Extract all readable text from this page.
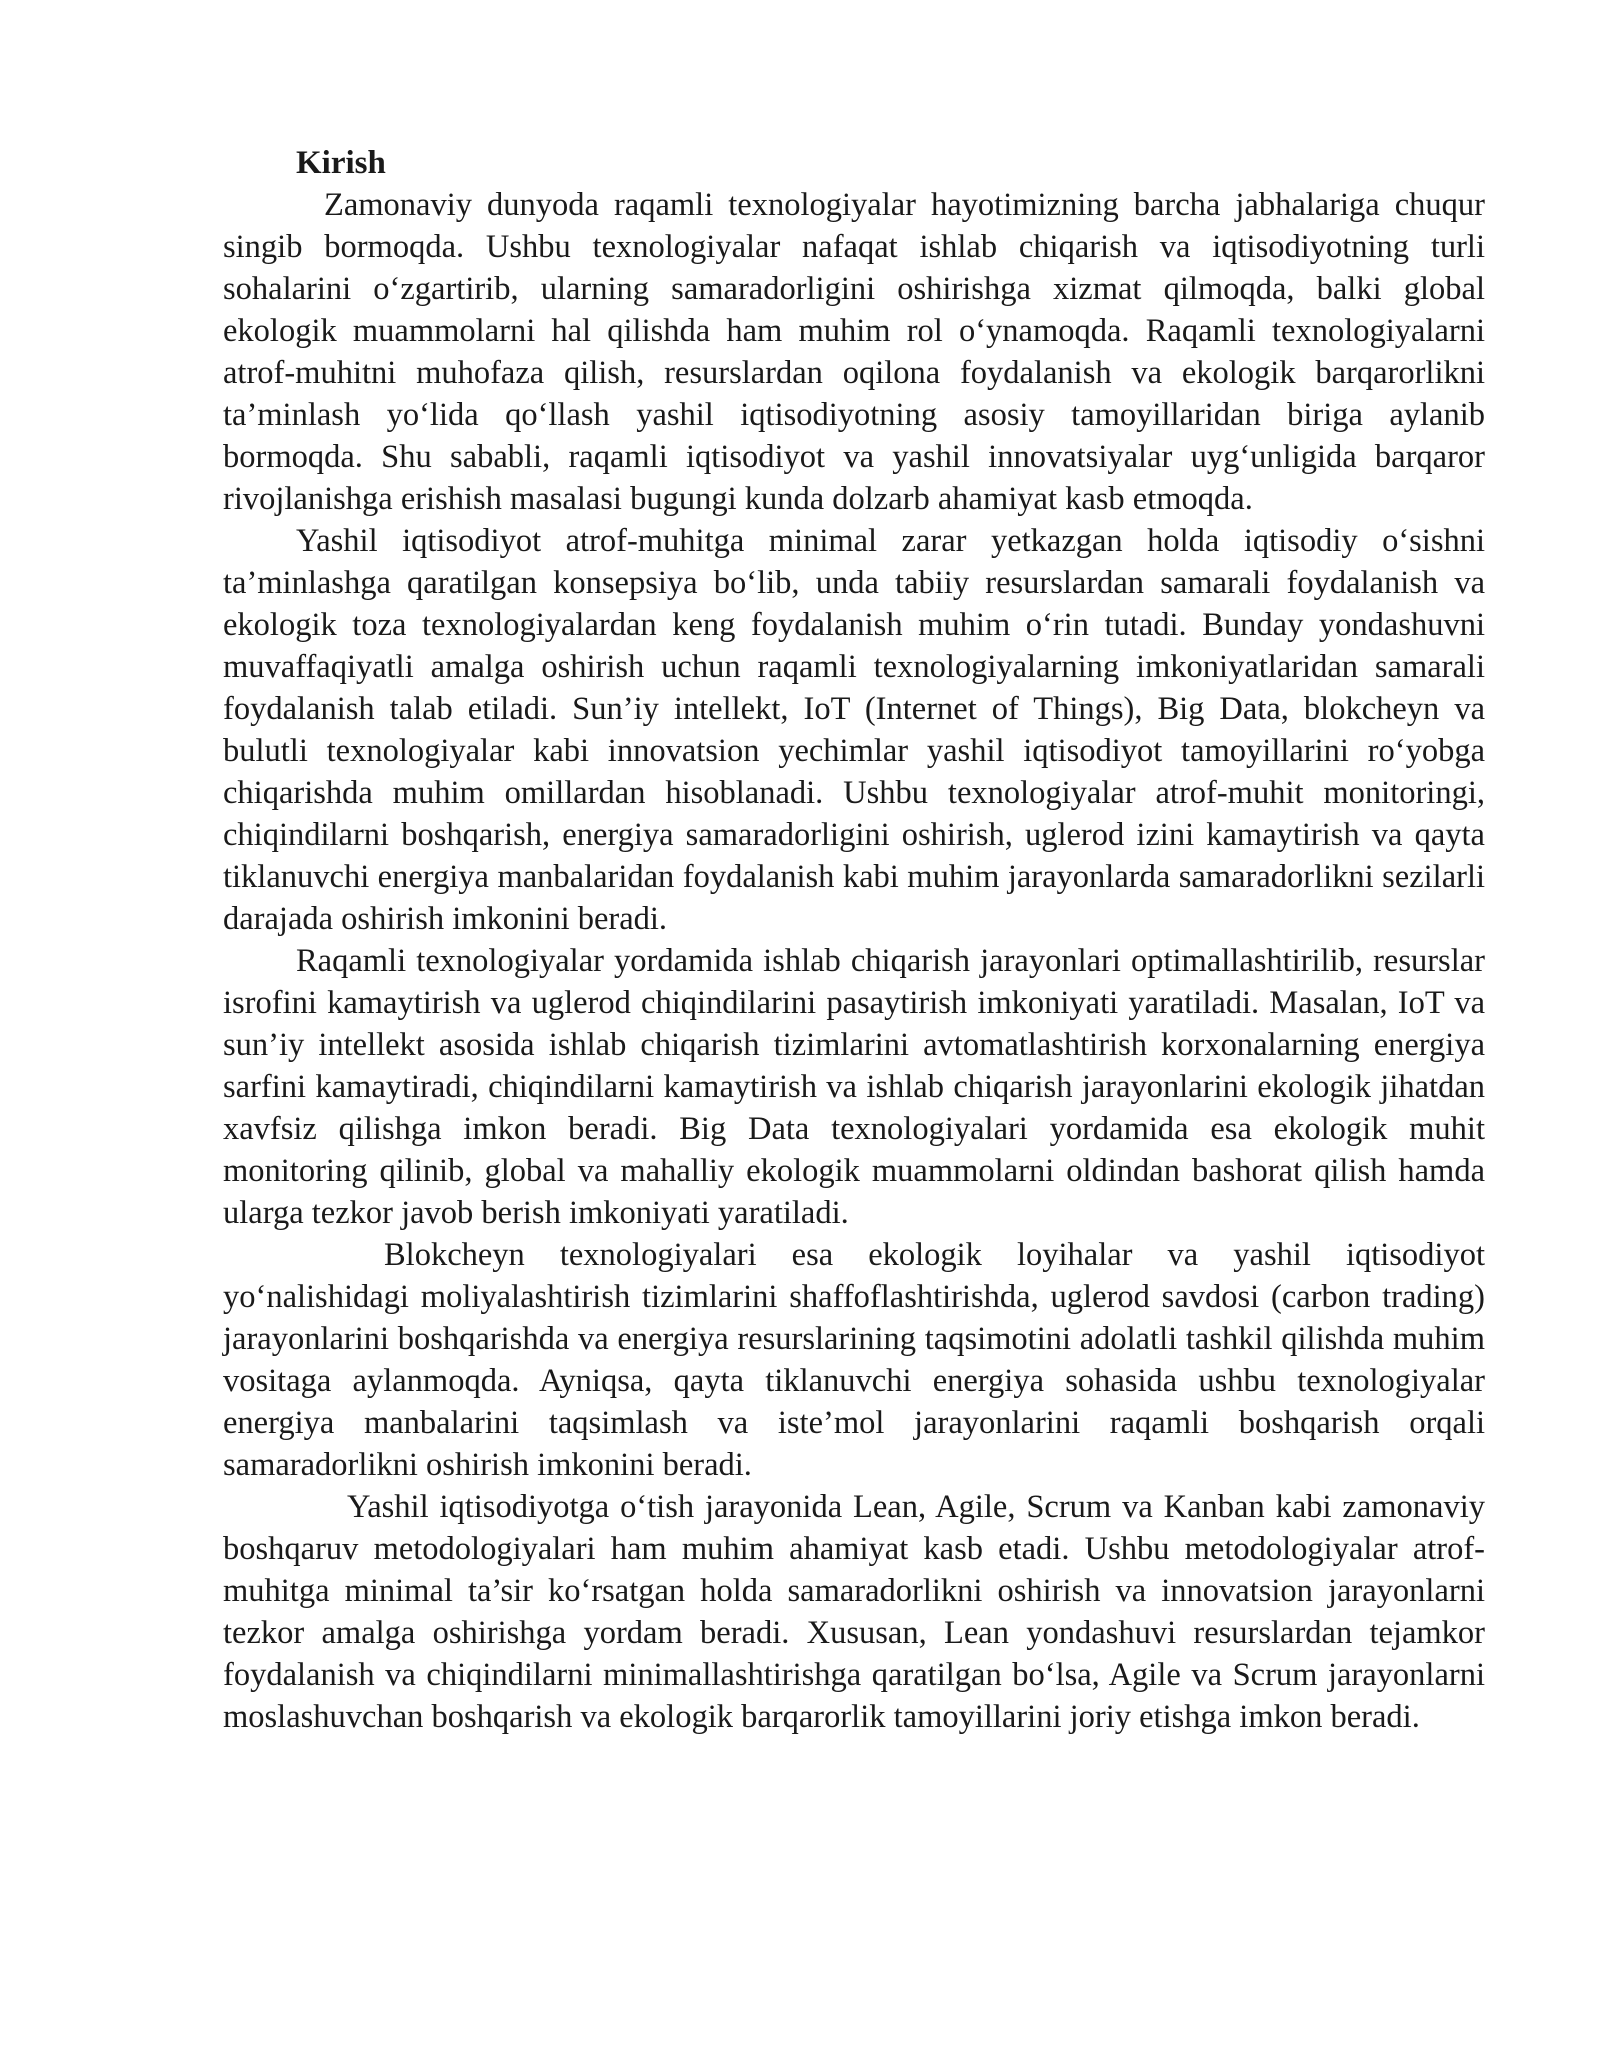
Kirish

Zamonaviy dunyoda raqamli texnologiyalar hayotimizning barcha jabhalariga chuqur singib bormoqda. Ushbu texnologiyalar nafaqat ishlab chiqarish va iqtisodiyotning turli sohalarini o‘zgartirib, ularning samaradorligini oshirishga xizmat qilmoqda, balki global ekologik muammolarni hal qilishda ham muhim rol o‘ynamoqda. Raqamli texnologiyalarni atrof-muhitni muhofaza qilish, resurslardan oqilona foydalanish va ekologik barqarorlikni ta’minlash yo‘lida qo‘llash yashil iqtisodiyotning asosiy tamoyillaridan biriga aylanib bormoqda. Shu sababli, raqamli iqtisodiyot va yashil innovatsiyalar uyg‘unligida barqaror rivojlanishga erishish masalasi bugungi kunda dolzarb ahamiyat kasb etmoqda.

Yashil iqtisodiyot atrof-muhitga minimal zarar yetkazgan holda iqtisodiy o‘sishni ta’minlashga qaratilgan konsepsiya bo‘lib, unda tabiiy resurslardan samarali foydalanish va ekologik toza texnologiyalardan keng foydalanish muhim o‘rin tutadi. Bunday yondashuvni muvaffaqiyatli amalga oshirish uchun raqamli texnologiyalarning imkoniyatlaridan samarali foydalanish talab etiladi. Sun’iy intellekt, IoT (Internet of Things), Big Data, blokcheyn va bulutli texnologiyalar kabi innovatsion yechimlar yashil iqtisodiyot tamoyillarini ro‘yobga chiqarishda muhim omillardan hisoblanadi. Ushbu texnologiyalar atrof-muhit monitoringi, chiqindilarni boshqarish, energiya samaradorligini oshirish, uglerod izini kamaytirish va qayta tiklanuvchi energiya manbalaridan foydalanish kabi muhim jarayonlarda samaradorlikni sezilarli darajada oshirish imkonini beradi.

Raqamli texnologiyalar yordamida ishlab chiqarish jarayonlari optimallashtirilib, resurslar isrofini kamaytirish va uglerod chiqindilarini pasaytirish imkoniyati yaratiladi. Masalan, IoT va sun’iy intellekt asosida ishlab chiqarish tizimlarini avtomatlashtirish korxonalarning energiya sarfini kamaytiradi, chiqindilarni kamaytirish va ishlab chiqarish jarayonlarini ekologik jihatdan xavfsiz qilishga imkon beradi. Big Data texnologiyalari yordamida esa ekologik muhit monitoring qilinib, global va mahalliy ekologik muammolarni oldindan bashorat qilish hamda ularga tezkor javob berish imkoniyati yaratiladi.

Blokcheyn texnologiyalari esa ekologik loyihalar va yashil iqtisodiyot yo‘nalishidagi moliyalashtirish tizimlarini shaffoflashtirishda, uglerod savdosi (carbon trading) jarayonlarini boshqarishda va energiya resurslarining taqsimotini adolatli tashkil qilishda muhim vositaga aylanmoqda. Ayniqsa, qayta tiklanuvchi energiya sohasida ushbu texnologiyalar energiya manbalarini taqsimlash va iste’mol jarayonlarini raqamli boshqarish orqali samaradorlikni oshirish imkonini beradi.

Yashil iqtisodiyotga o‘tish jarayonida Lean, Agile, Scrum va Kanban kabi zamonaviy boshqaruv metodologiyalari ham muhim ahamiyat kasb etadi. Ushbu metodologiyalar atrof-muhitga minimal ta’sir ko‘rsatgan holda samaradorlikni oshirish va innovatsion jarayonlarni tezkor amalga oshirishga yordam beradi. Xususan, Lean yondashuvi resurslardan tejamkor foydalanish va chiqindilarni minimallashtirishga qaratilgan bo‘lsa, Agile va Scrum jarayonlarni moslashuvchan boshqarish va ekologik barqarorlik tamoyillarini joriy etishga imkon beradi.
